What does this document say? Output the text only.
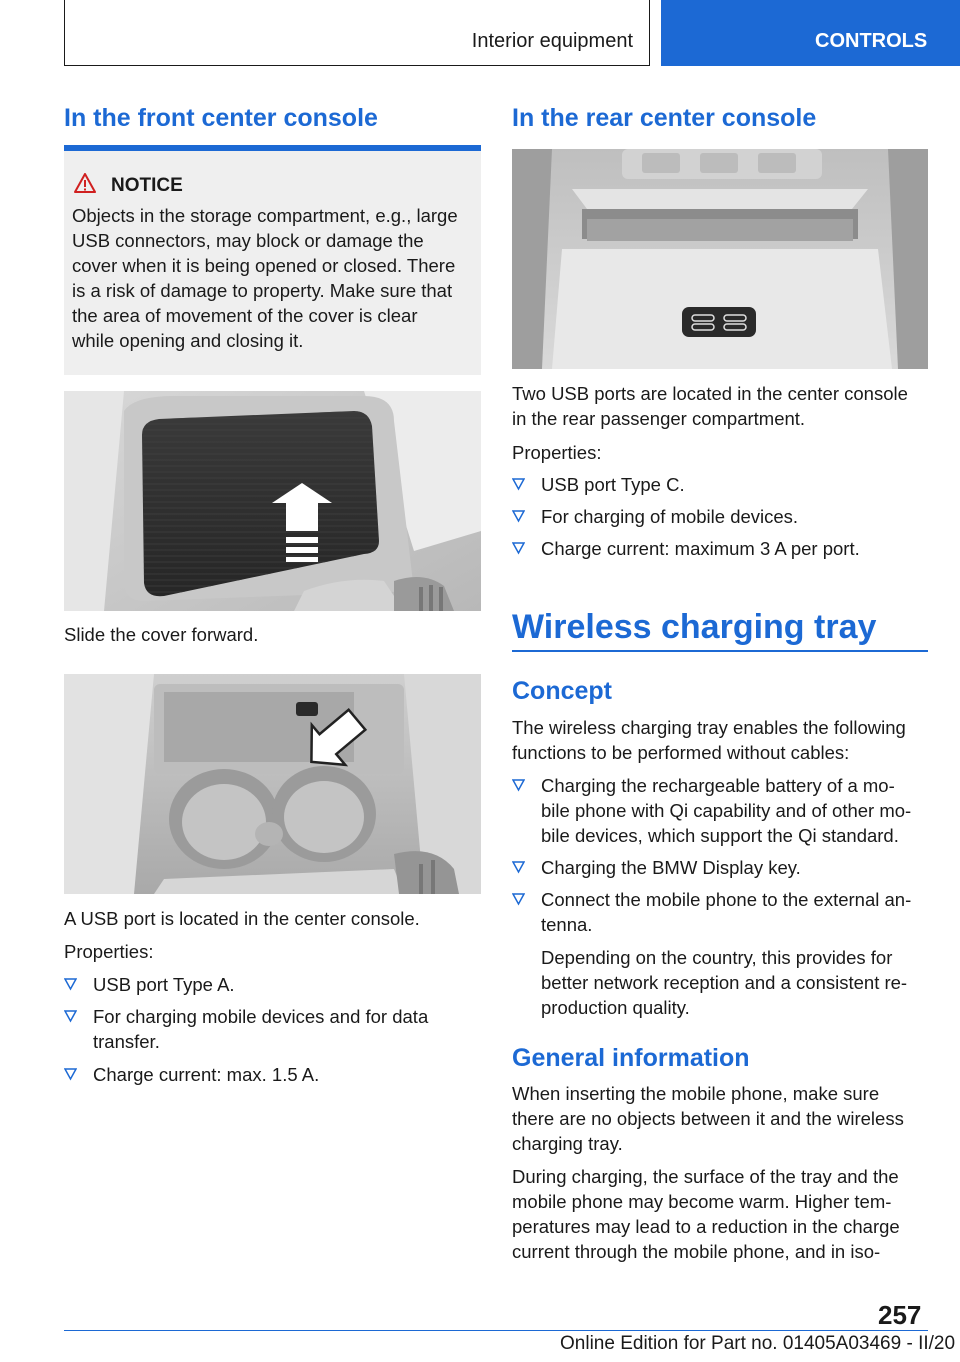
Interior equipment	CONTROLS
In the front center console
NOTICE
Objects in the storage compartment, e.g., large
USB connectors, may block or damage the
cover when it is being opened or closed. There
is a risk of damage to property. Make sure that
the area of movement of the cover is clear
while opening and closing it.
Slide the cover forward.
A USB port is located in the center console.
Properties:
USB port Type A.
For charging mobile devices and for data
transfer.
Charge current: max. 1.5 A.
In the rear center console
Two USB ports are located in the center console
in the rear passenger compartment.
Properties:
USB port Type C.
For charging of mobile devices.
Charge current: maximum 3 A per port.
Wireless charging tray
Concept
The wireless charging tray enables the following
functions to be performed without cables:
Charging the rechargeable battery of a mo-
bile phone with Qi capability and of other mo-
bile devices, which support the Qi standard.
Charging the BMW Display key.
Connect the mobile phone to the external an-
tenna.
Depending on the country, this provides for
better network reception and a consistent re-
production quality.
General information
When inserting the mobile phone, make sure
there are no objects between it and the wireless
charging tray.
During charging, the surface of the tray and the
mobile phone may become warm. Higher tem-
peratures may lead to a reduction in the charge
current through the mobile phone, and in iso-
257
Online Edition for Part no. 01405A03469 - II/20
